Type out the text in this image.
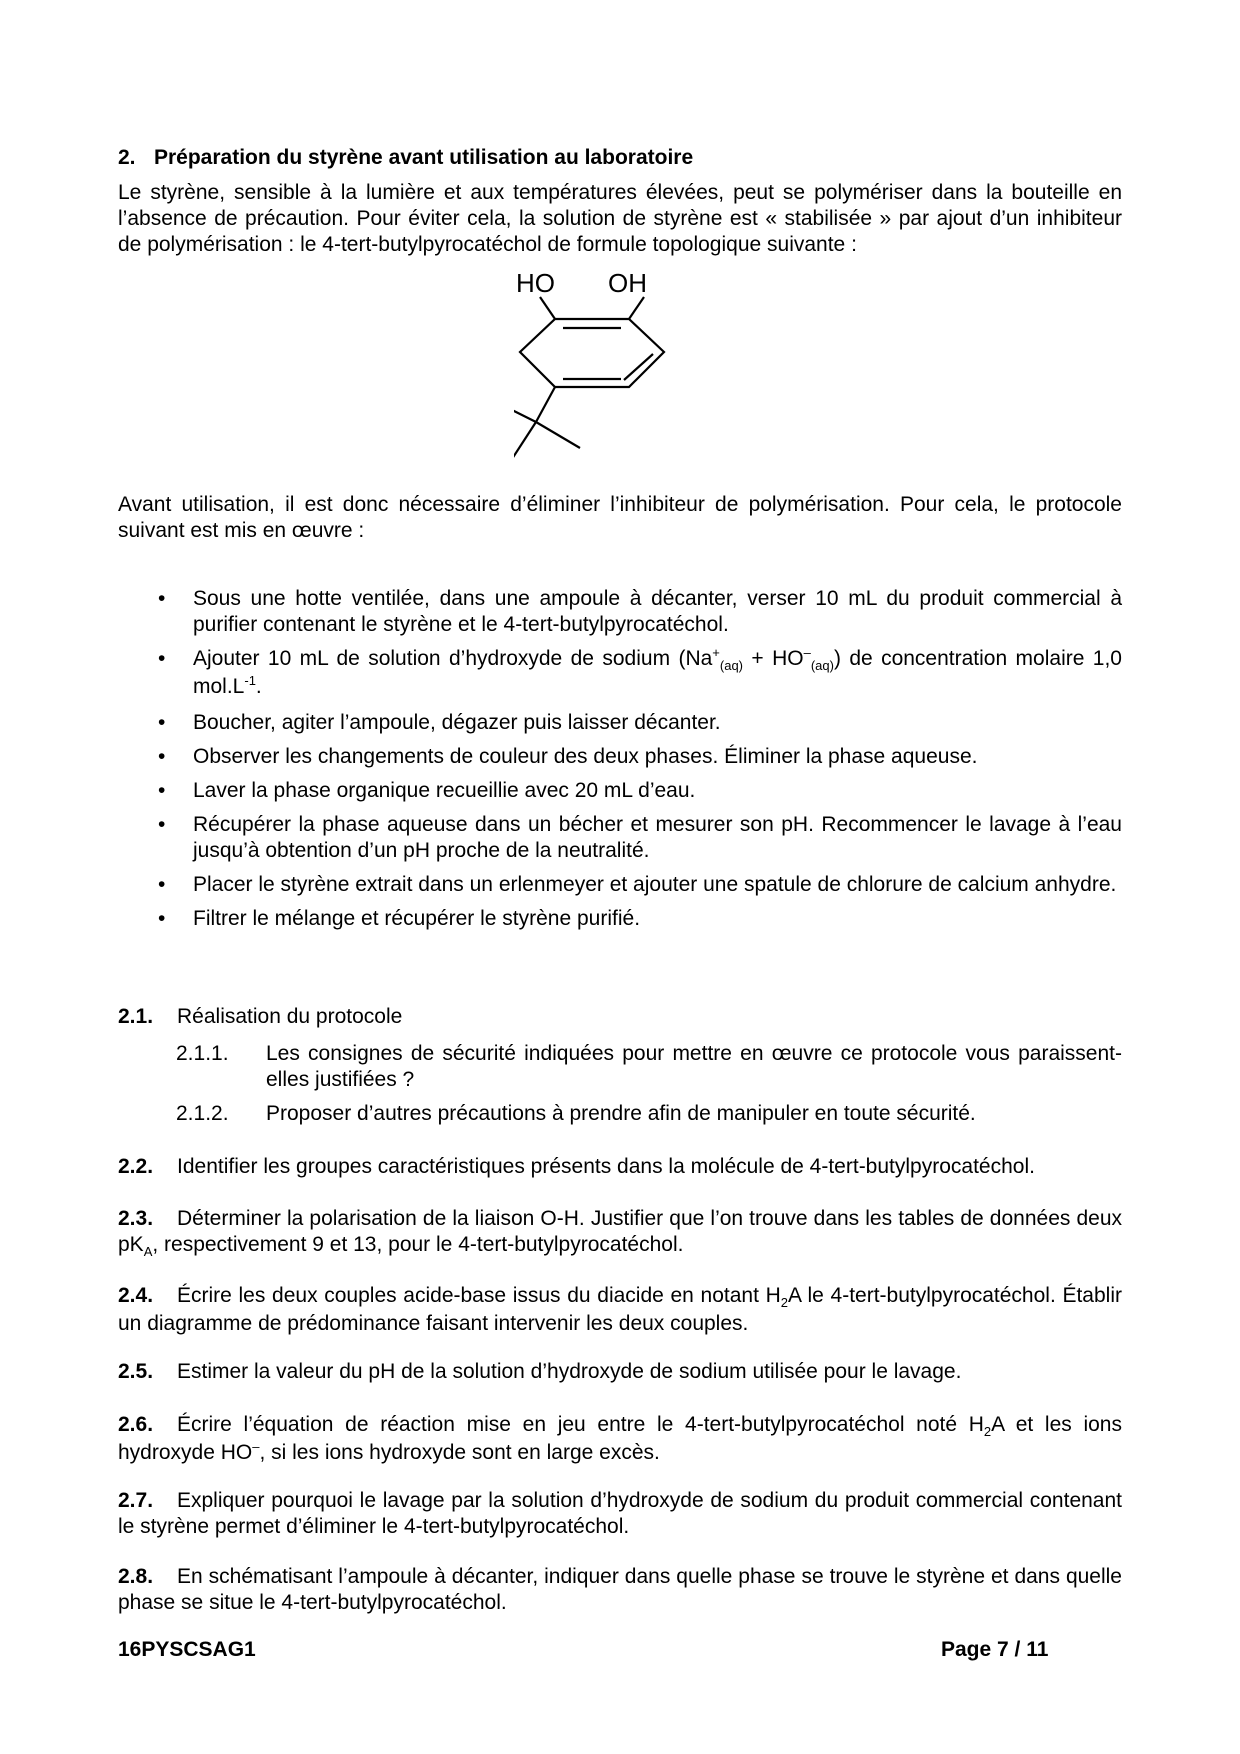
2. Préparation du styrène avant utilisation au laboratoire
Le styrène, sensible à la lumière et aux températures élevées, peut se polymériser dans la bouteille en l’absence de précaution. Pour éviter cela, la solution de styrène est « stabilisée » par ajout d’un inhibiteur de polymérisation : le 4-tert-butylpyrocatéchol de formule topologique suivante :
HO OH
Avant utilisation, il est donc nécessaire d’éliminer l’inhibiteur de polymérisation. Pour cela, le protocole suivant est mis en œuvre :
• Sous une hotte ventilée, dans une ampoule à décanter, verser 10 mL du produit commercial à purifier contenant le styrène et le 4-tert-butylpyrocatéchol.
• Ajouter 10 mL de solution d’hydroxyde de sodium $(Na^+_{(aq)} + HO^-_{(aq)})$ de concentration molaire 1,0 $mol.L^{-1}$.
• Boucher, agiter l’ampoule, dégazer puis laisser décanter.
• Observer les changements de couleur des deux phases. Éliminer la phase aqueuse.
• Laver la phase organique recueillie avec 20 mL d’eau.
• Récupérer la phase aqueuse dans un bécher et mesurer son pH. Recommencer le lavage à l’eau jusqu’à obtention d’un pH proche de la neutralité.
• Placer le styrène extrait dans un erlenmeyer et ajouter une spatule de chlorure de calcium anhydre.
• Filtrer le mélange et récupérer le styrène purifié.
2.1. Réalisation du protocole
2.1.1. Les consignes de sécurité indiquées pour mettre en œuvre ce protocole vous paraissent-elles justifiées ?
2.1.2. Proposer d’autres précautions à prendre afin de manipuler en toute sécurité.
2.2. Identifier les groupes caractéristiques présents dans la molécule de 4-tert-butylpyrocatéchol.
2.3. Déterminer la polarisation de la liaison O-H. Justifier que l’on trouve dans les tables de données deux $pK_A$, respectivement 9 et 13, pour le 4-tert-butylpyrocatéchol.
2.4. Écrire les deux couples acide-base issus du diacide en notant $H_2A$ le 4-tert-butylpyrocatéchol. Établir un diagramme de prédominance faisant intervenir les deux couples.
2.5. Estimer la valeur du pH de la solution d’hydroxyde de sodium utilisée pour le lavage.
2.6. Écrire l’équation de réaction mise en jeu entre le 4-tert-butylpyrocatéchol noté $H_2A$ et les ions hydroxyde HO–, si les ions hydroxyde sont en large excès.
2.7. Expliquer pourquoi le lavage par la solution d’hydroxyde de sodium du produit commercial contenant le styrène permet d’éliminer le 4-tert-butylpyrocatéchol.
2.8. En schématisant l’ampoule à décanter, indiquer dans quelle phase se trouve le styrène et dans quelle phase se situe le 4-tert-butylpyrocatéchol.
16PYSCSAG1	Page 7 / 11
